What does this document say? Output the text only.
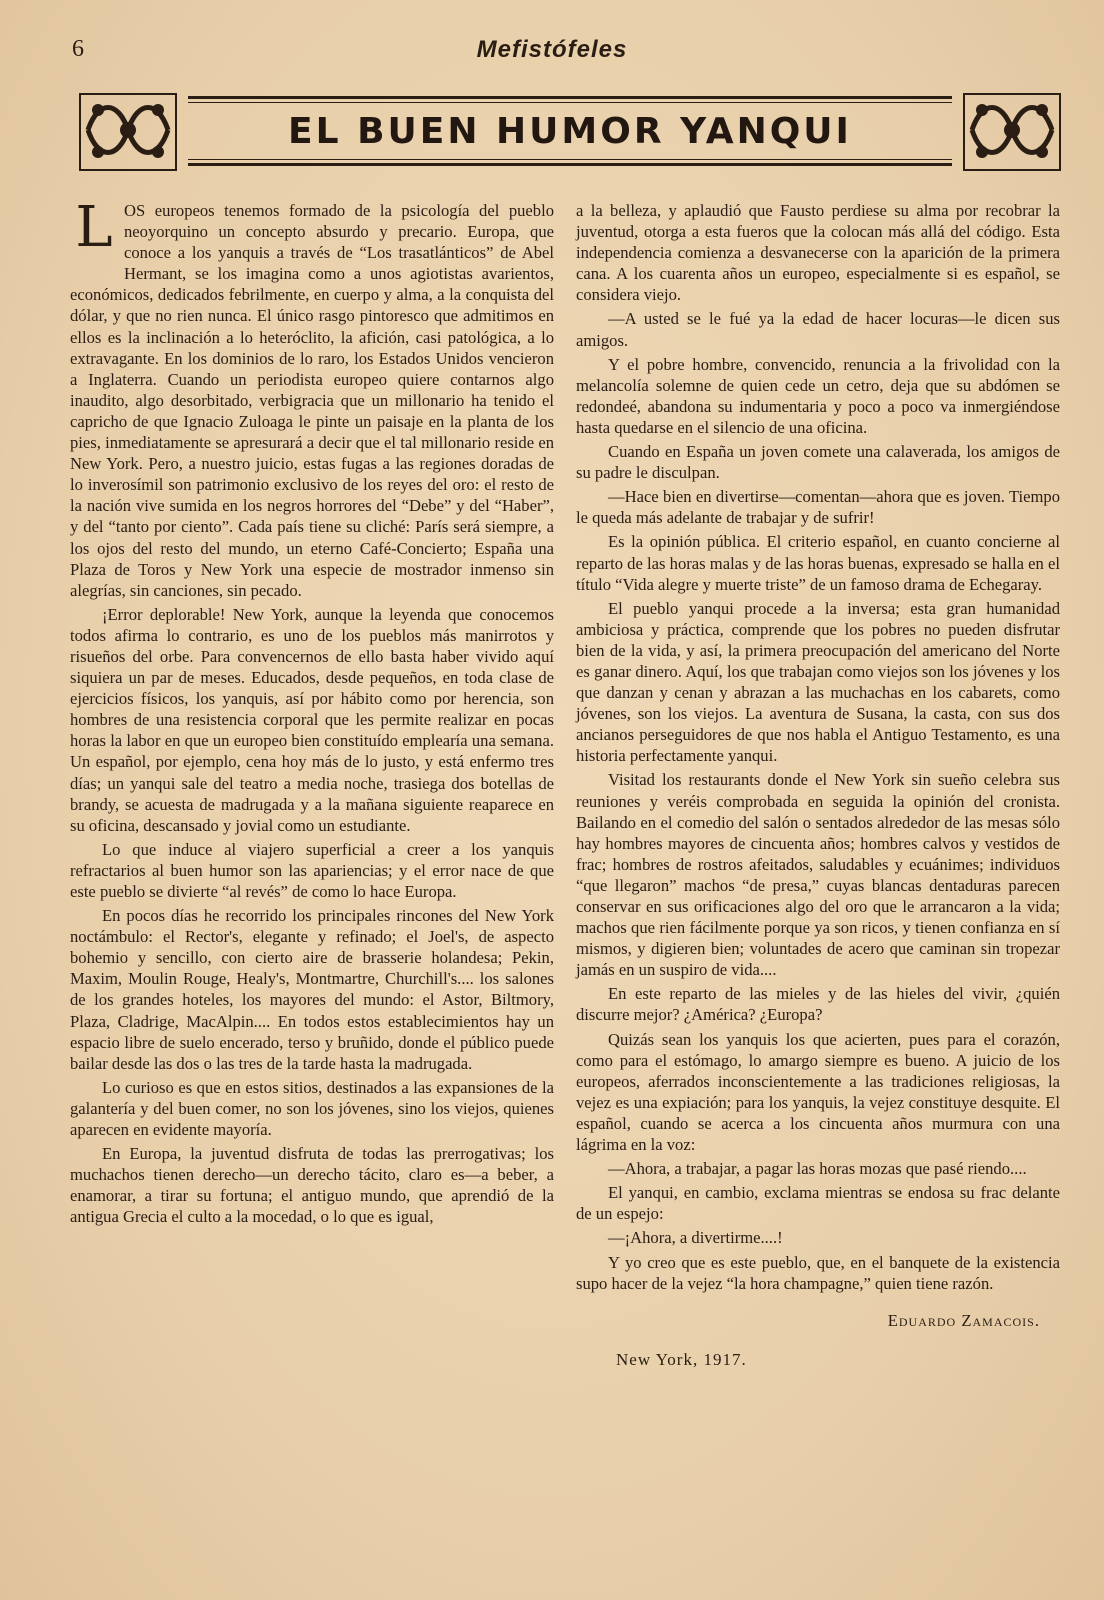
6	Mefistófeles
EL BUEN HUMOR YANQUI

LOS europeos tenemos formado de la psicología del pueblo neoyorquino un concepto absurdo y precario. Europa, que conoce a los yanquis a través de “Los trasatlánticos” de Abel Hermant, se los imagina como a unos agiotistas avarientos, económicos, dedicados febrilmente, en cuerpo y alma, a la conquista del dólar, y que no rien nunca. El único rasgo pintoresco que admitimos en ellos es la inclinación a lo heteróclito, la afición, casi patológica, a lo extravagante. En los dominios de lo raro, los Estados Unidos vencieron a Inglaterra. Cuando un periodista europeo quiere contarnos algo inaudito, algo desorbitado, verbigracia que un millonario ha tenido el capricho de que Ignacio Zuloaga le pinte un paisaje en la planta de los pies, inmediatamente se apresurará a decir que el tal millonario reside en New York. Pero, a nuestro juicio, estas fugas a las regiones doradas de lo inverosímil son patrimonio exclusivo de los reyes del oro: el resto de la nación vive sumida en los negros horrores del “Debe” y del “Haber”, y del “tanto por ciento”. Cada país tiene su cliché: París será siempre, a los ojos del resto del mundo, un eterno Café-Concierto; España una Plaza de Toros y New York una especie de mostrador inmenso sin alegrías, sin canciones, sin pecado.

¡Error deplorable! New York, aunque la leyenda que conocemos todos afirma lo contrario, es uno de los pueblos más manirrotos y risueños del orbe. Para convencernos de ello basta haber vivido aquí siquiera un par de meses. Educados, desde pequeños, en toda clase de ejercicios físicos, los yanquis, así por hábito como por herencia, son hombres de una resistencia corporal que les permite realizar en pocas horas la labor en que un europeo bien constituído emplearía una semana. Un español, por ejemplo, cena hoy más de lo justo, y está enfermo tres días; un yanqui sale del teatro a media noche, trasiega dos botellas de brandy, se acuesta de madrugada y a la mañana siguiente reaparece en su oficina, descansado y jovial como un estudiante.

Lo que induce al viajero superficial a creer a los yanquis refractarios al buen humor son las apariencias; y el error nace de que este pueblo se divierte “al revés” de como lo hace Europa.

En pocos días he recorrido los principales rincones del New York noctámbulo: el Rector's, elegante y refinado; el Joel's, de aspecto bohemio y sencillo, con cierto aire de brasserie holandesa; Pekin, Maxim, Moulin Rouge, Healy's, Montmartre, Churchill's.... los salones de los grandes hoteles, los mayores del mundo: el Astor, Biltmory, Plaza, Cladrige, MacAlpin.... En todos estos establecimientos hay un espacio libre de suelo encerado, terso y bruñido, donde el público puede bailar desde las dos o las tres de la tarde hasta la madrugada.

Lo curioso es que en estos sitios, destinados a las expansiones de la galantería y del buen comer, no son los jóvenes, sino los viejos, quienes aparecen en evidente mayoría.

En Europa, la juventud disfruta de todas las prerrogativas; los muchachos tienen derecho—un derecho tácito, claro es—a beber, a enamorar, a tirar su fortuna; el antiguo mundo, que aprendió de la antigua Grecia el culto a la mocedad, o lo que es igual,

a la belleza, y aplaudió que Fausto perdiese su alma por recobrar la juventud, otorga a esta fueros que la colocan más allá del código. Esta independencia comienza a desvanecerse con la aparición de la primera cana. A los cuarenta años un europeo, especialmente si es español, se considera viejo.

—A usted se le fué ya la edad de hacer locuras—le dicen sus amigos.

Y el pobre hombre, convencido, renuncia a la frivolidad con la melancolía solemne de quien cede un cetro, deja que su abdómen se redondeé, abandona su indumentaria y poco a poco va inmergiéndose hasta quedarse en el silencio de una oficina.

Cuando en España un joven comete una calaverada, los amigos de su padre le disculpan.

—Hace bien en divertirse—comentan—ahora que es joven. Tiempo le queda más adelante de trabajar y de sufrir!

Es la opinión pública. El criterio español, en cuanto concierne al reparto de las horas malas y de las horas buenas, expresado se halla en el título “Vida alegre y muerte triste” de un famoso drama de Echegaray.

El pueblo yanqui procede a la inversa; esta gran humanidad ambiciosa y práctica, comprende que los pobres no pueden disfrutar bien de la vida, y así, la primera preocupación del americano del Norte es ganar dinero. Aquí, los que trabajan como viejos son los jóvenes y los que danzan y cenan y abrazan a las muchachas en los cabarets, como jóvenes, son los viejos. La aventura de Susana, la casta, con sus dos ancianos perseguidores de que nos habla el Antiguo Testamento, es una historia perfectamente yanqui.

Visitad los restaurants donde el New York sin sueño celebra sus reuniones y veréis comprobada en seguida la opinión del cronista. Bailando en el comedio del salón o sentados alrededor de las mesas sólo hay hombres mayores de cincuenta años; hombres calvos y vestidos de frac; hombres de rostros afeitados, saludables y ecuánimes; individuos “que llegaron” machos “de presa,” cuyas blancas dentaduras parecen conservar en sus orificaciones algo del oro que le arrancaron a la vida; machos que rien fácilmente porque ya son ricos, y tienen confianza en sí mismos, y digieren bien; voluntades de acero que caminan sin tropezar jamás en un suspiro de vida....

En este reparto de las mieles y de las hieles del vivir, ¿quién discurre mejor? ¿América? ¿Europa?

Quizás sean los yanquis los que acierten, pues para el corazón, como para el estómago, lo amargo siempre es bueno. A juicio de los europeos, aferrados inconscientemente a las tradiciones religiosas, la vejez es una expiación; para los yanquis, la vejez constituye desquite. El español, cuando se acerca a los cincuenta años murmura con una lágrima en la voz:

—Ahora, a trabajar, a pagar las horas mozas que pasé riendo....

El yanqui, en cambio, exclama mientras se endosa su frac delante de un espejo:

—¡Ahora, a divertirme....!

Y yo creo que es este pueblo, que, en el banquete de la existencia supo hacer de la vejez “la hora champagne,” quien tiene razón.

Eduardo Zamacois.
New York, 1917.
